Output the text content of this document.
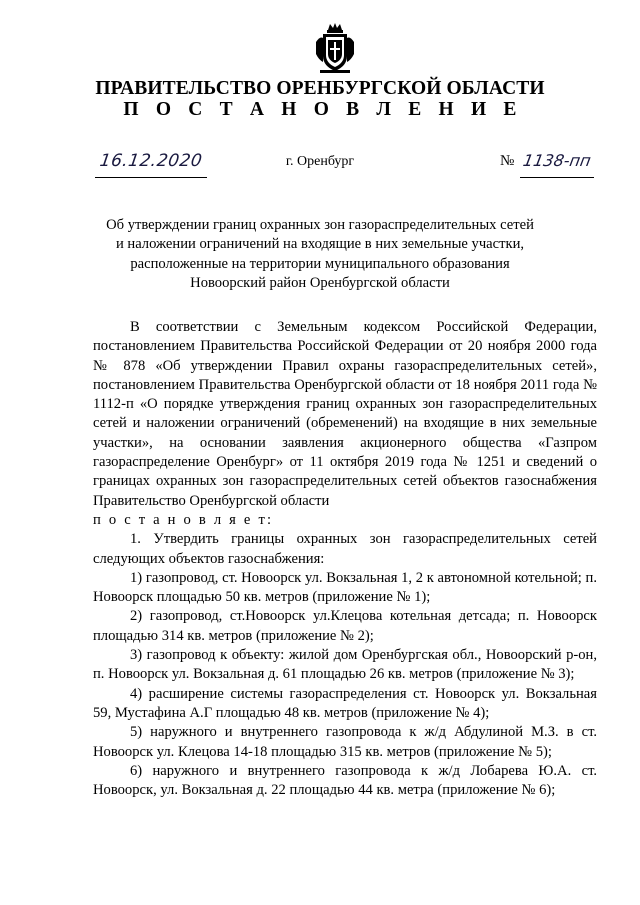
ПРАВИТЕЛЬСТВО ОРЕНБУРГСКОЙ ОБЛАСТИ
П О С Т А Н О В Л Е Н И Е
16.12.2020	г. Оренбург	№ 1138-пп
Об утверждении границ охранных зон газораспределительных сетей
и наложении ограничений на входящие в них земельные участки,
расположенные на территории муниципального образования
Новоорский район Оренбургской области

В соответствии с Земельным кодексом Российской Федерации, постановлением Правительства Российской Федерации от 20 ноября 2000 года № 878 «Об утверждении Правил охраны газораспределительных сетей», постановлением Правительства Оренбургской области от 18 ноября 2011 года № 1112-п «О порядке утверждения границ охранных зон газораспределительных сетей и наложении ограничений (обременений) на входящие в них земельные участки», на основании заявления акционерного общества «Газпром газораспределение Оренбург» от 11 октября 2019 года № 1251 и сведений о границах охранных зон газораспределительных сетей объектов газоснабжения Правительство Оренбургской области

п о с т а н о в л я е т:

1. Утвердить границы охранных зон газораспределительных сетей следующих объектов газоснабжения:

1) газопровод, ст. Новоорск ул. Вокзальная 1, 2 к автономной котельной; п. Новоорск площадью 50 кв. метров (приложение № 1);

2) газопровод, ст.Новоорск ул.Клецова котельная детсада; п. Новоорск площадью 314 кв. метров (приложение № 2);

3) газопровод к объекту: жилой дом Оренбургская обл., Новоорский р-он, п. Новоорск ул. Вокзальная д. 61 площадью 26 кв. метров (приложение № 3);

4) расширение системы газораспределения ст. Новоорск ул. Вокзальная 59, Мустафина А.Г площадью 48 кв. метров (приложение № 4);

5) наружного и внутреннего газопровода к ж/д Абдулиной М.З. в ст. Новоорск ул. Клецова 14-18 площадью 315 кв. метров (приложение № 5);

6) наружного и внутреннего газопровода к ж/д Лобарева Ю.А. ст. Новоорск, ул. Вокзальная д. 22 площадью 44 кв. метра (приложение № 6);
